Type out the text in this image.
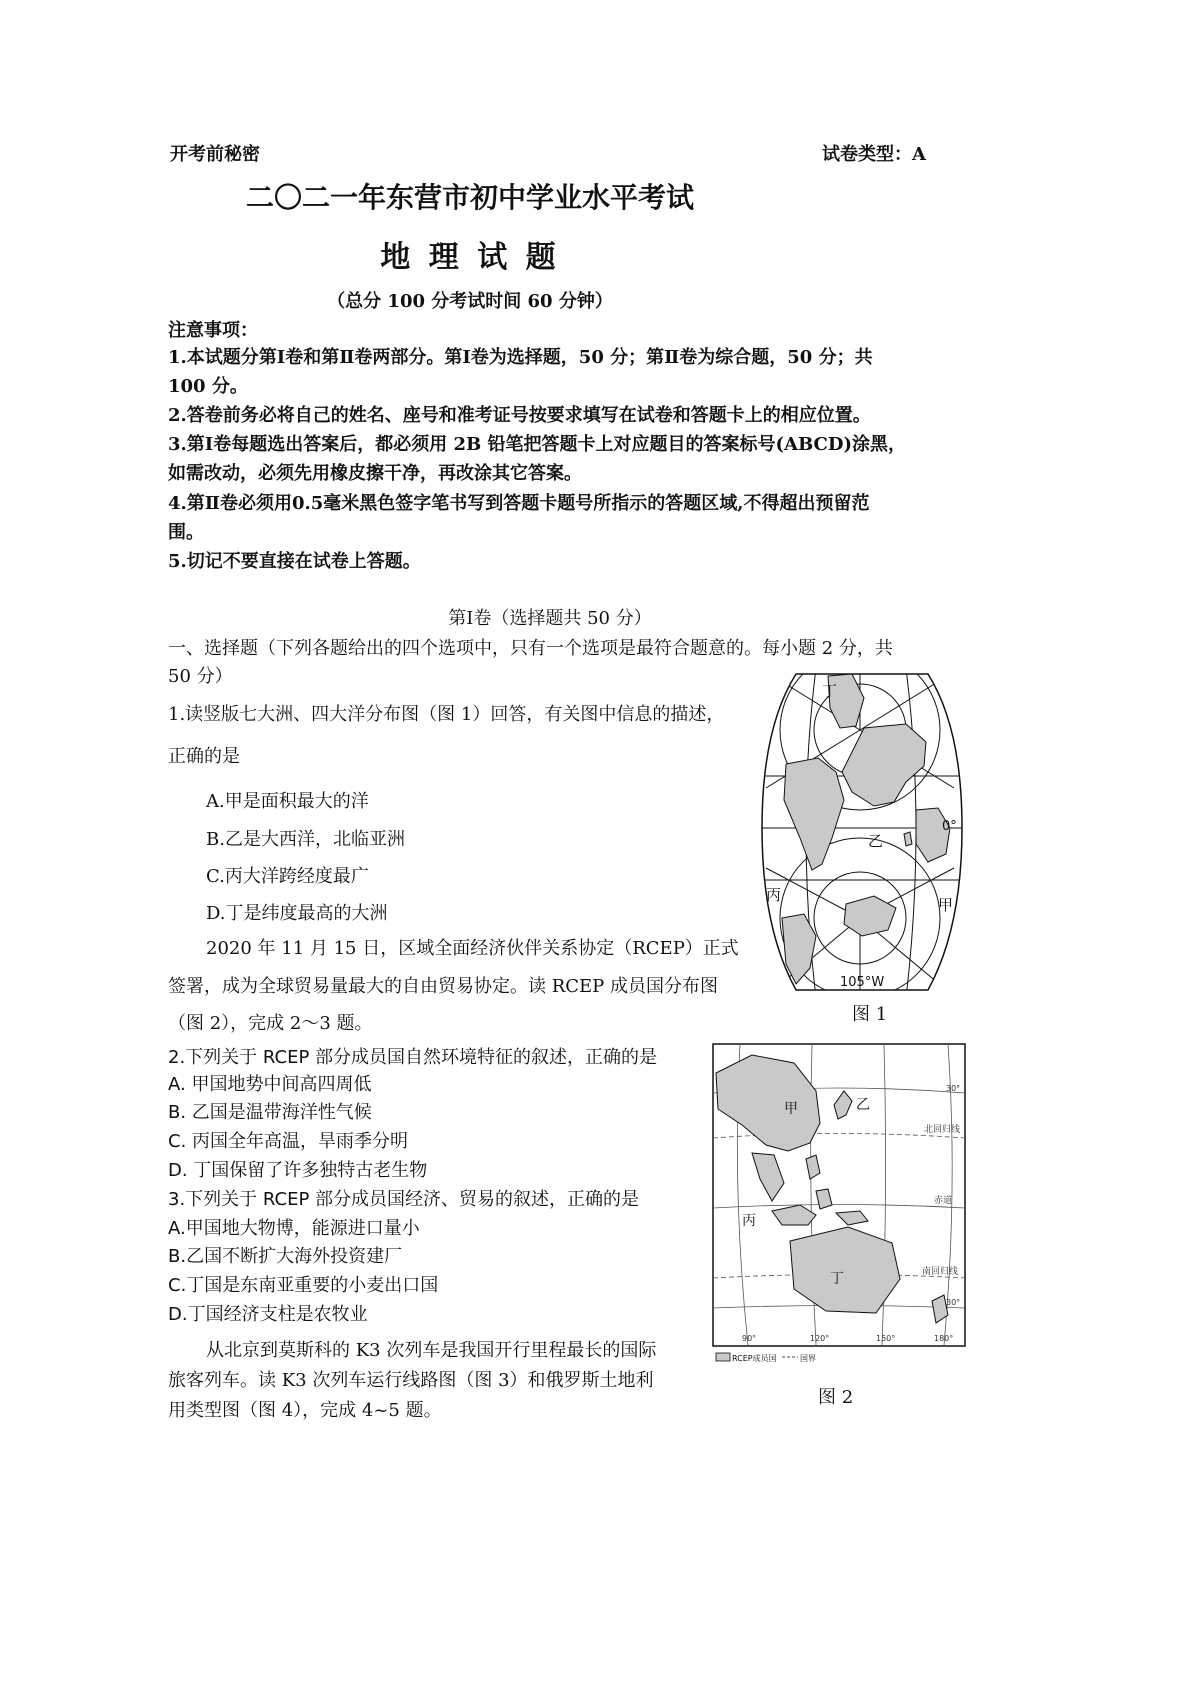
开考前秘密	试卷类型：A
二〇二一年东营市初中学业水平考试
地 理 试 题
（总分 100 分考试时间 60 分钟）
注意事项：
1.本试题分第Ⅰ卷和第Ⅱ卷两部分。第Ⅰ卷为选择题，50 分；第Ⅱ卷为综合题，50 分；共
100 分。
2.答卷前务必将自己的姓名、座号和准考证号按要求填写在试卷和答题卡上的相应位置。
3.第Ⅰ卷每题选出答案后，都必须用 2B 铅笔把答题卡上对应题目的答案标号(ABCD)涂黑，
如需改动，必须先用橡皮擦干净，再改涂其它答案。
4.第Ⅱ卷必须用0.5毫米黑色签字笔书写到答题卡题号所指示的答题区域,不得超出预留范
围。
5.切记不要直接在试卷上答题。
第Ⅰ卷（选择题共 50 分）
一、选择题（下列各题给出的四个选项中，只有一个选项是最符合题意的。每小题 2 分，共
50 分）
1.读竖版七大洲、四大洋分布图（图 1）回答，有关图中信息的描述，
正确的是
A.甲是面积最大的洋
B.乙是大西洋，北临亚洲
C.丙大洋跨经度最广
D.丁是纬度最高的大洲
2020 年 11 月 15 日，区域全面经济伙伴关系协定（RCEP）正式
签署，成为全球贸易量最大的自由贸易协定。读 RCEP 成员国分布图
（图 2），完成 2～3 题。
2.下列关于 RCEP 部分成员国自然环境特征的叙述，正确的是
A. 甲国地势中间高四周低
B. 乙国是温带海洋性气候
C. 丙国全年高温，旱雨季分明
D. 丁国保留了许多独特古老生物
3.下列关于 RCEP 部分成员国经济、贸易的叙述，正确的是
A.甲国地大物博，能源进口量小
B.乙国不断扩大海外投资建厂
C.丁国是东南亚重要的小麦出口国
D.丁国经济支柱是农牧业
从北京到莫斯科的 K3 次列车是我国开行里程最长的国际
旅客列车。读 K3 次列车运行线路图（图 3）和俄罗斯土地利
用类型图（图 4），完成 4~5 题。
丁
乙
丙
甲
0°
105°W
图 1
甲	乙
丙
丁
30°
北回归线
赤道
南回归线
30°
90°	120°	150°	180°
RCEP成员国	国界
图 2
